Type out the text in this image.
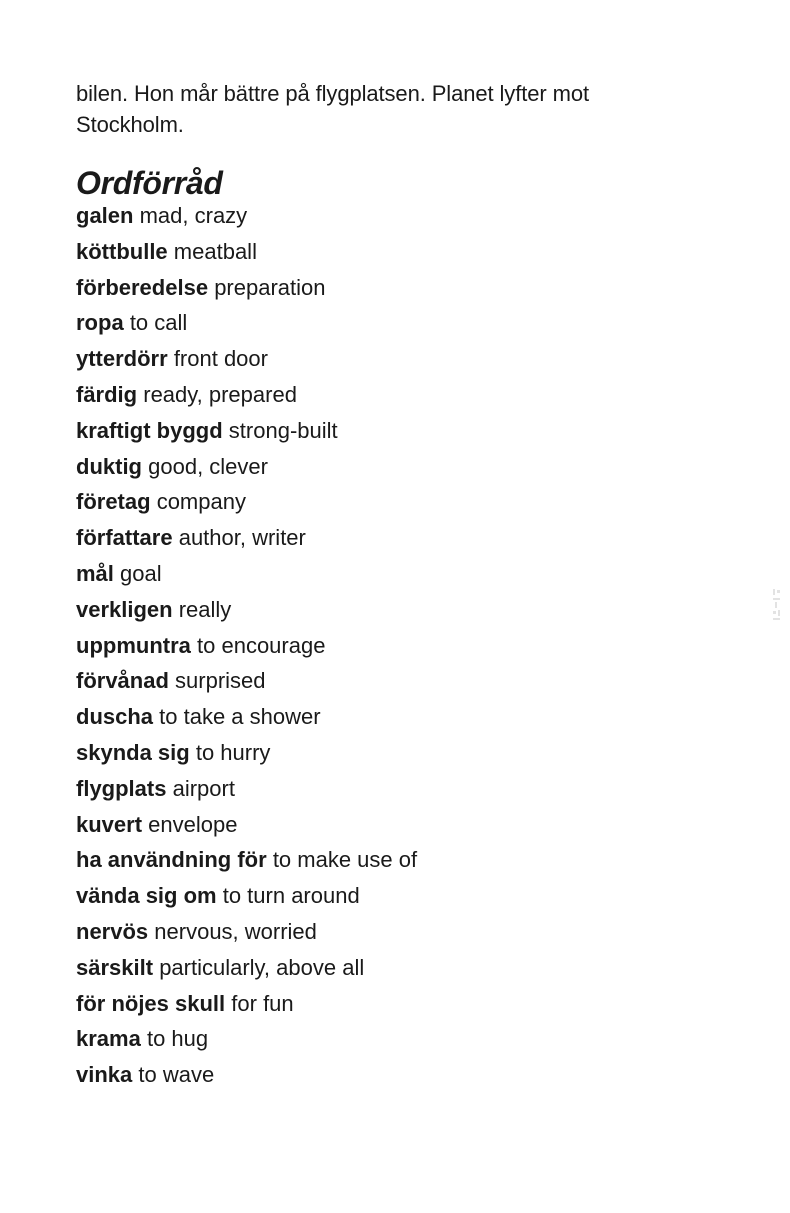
bilen. Hon mår bättre på flygplatsen. Planet lyfter mot
Stockholm.

Ordförråd
galen mad, crazy
köttbulle meatball
förberedelse preparation
ropa to call
ytterdörr front door
färdig ready, prepared
kraftigt byggd strong-built
duktig good, clever
företag company
författare author, writer
mål goal
verkligen really
uppmuntra to encourage
förvånad surprised
duscha to take a shower
skynda sig to hurry
flygplats airport
kuvert envelope
ha användning för to make use of
vända sig om to turn around
nervös nervous, worried
särskilt particularly, above all
för nöjes skull for fun
krama to hug
vinka to wave
